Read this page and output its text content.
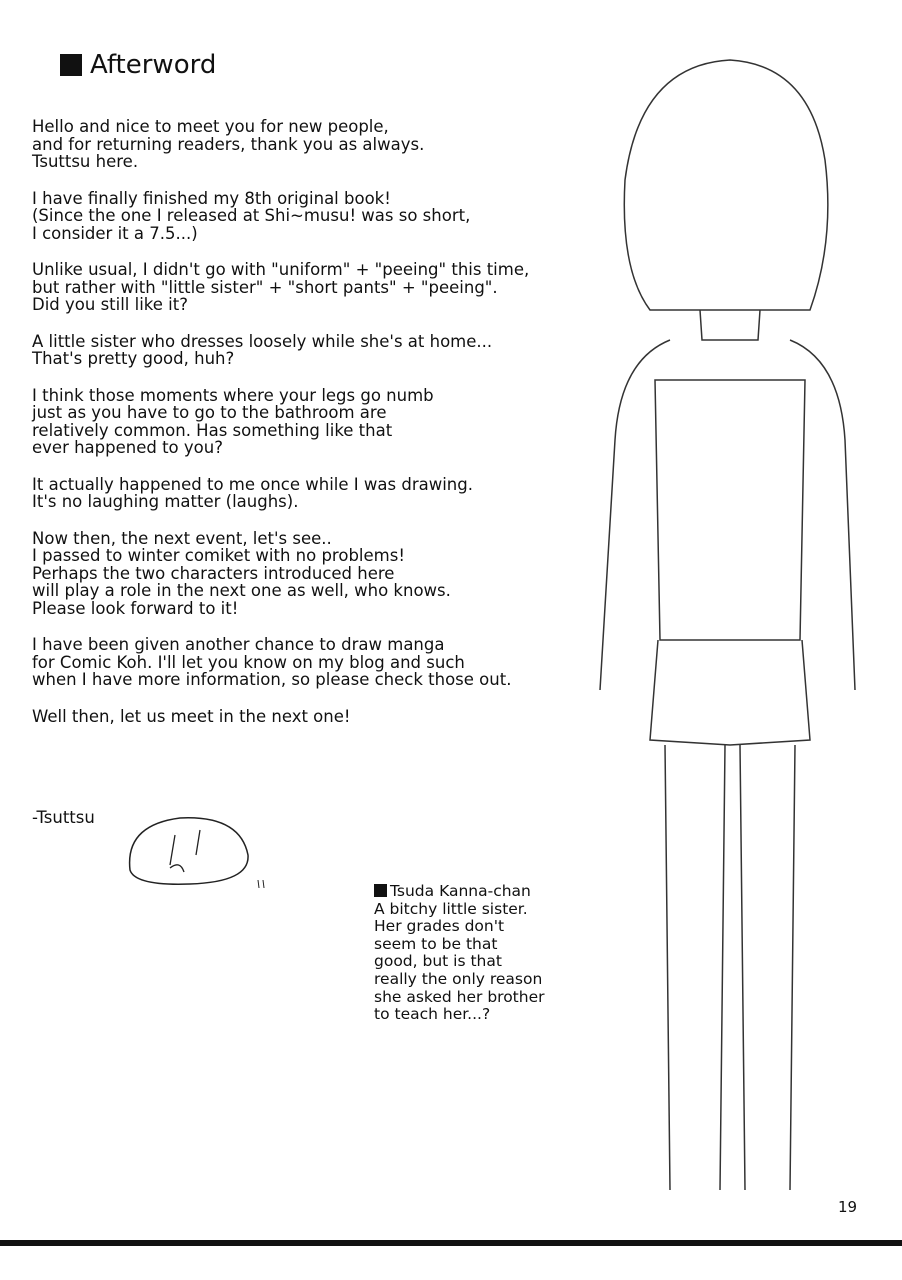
Afterword

Hello and nice to meet you for new people,
and for returning readers, thank you as always.
Tsuttsu here.

I have finally finished my 8th original book!
(Since the one I released at Shi~musu! was so short,
I consider it a 7.5...)

Unlike usual, I didn't go with "uniform" + "peeing" this time,
but rather with "little sister" + "short pants" + "peeing".
Did you still like it?

A little sister who dresses loosely while she's at home...
That's pretty good, huh?

I think those moments where your legs go numb
just as you have to go to the bathroom are
relatively common. Has something like that
ever happened to you?

It actually happened to me once while I was drawing.
It's no laughing matter (laughs).

Now then, the next event, let's see..
I passed to winter comiket with no problems!
Perhaps the two characters introduced here
will play a role in the next one as well, who knows.
Please look forward to it!

I have been given another chance to draw manga
for Comic Koh. I'll let you know on my blog and such
when I have more information, so please check those out.

Well then, let us meet in the next one!

-Tsuttsu
Tsuda Kanna-chan
A bitchy little sister.
Her grades don't
seem to be that
good, but is that
really the only reason
she asked her brother
to teach her...?
19
